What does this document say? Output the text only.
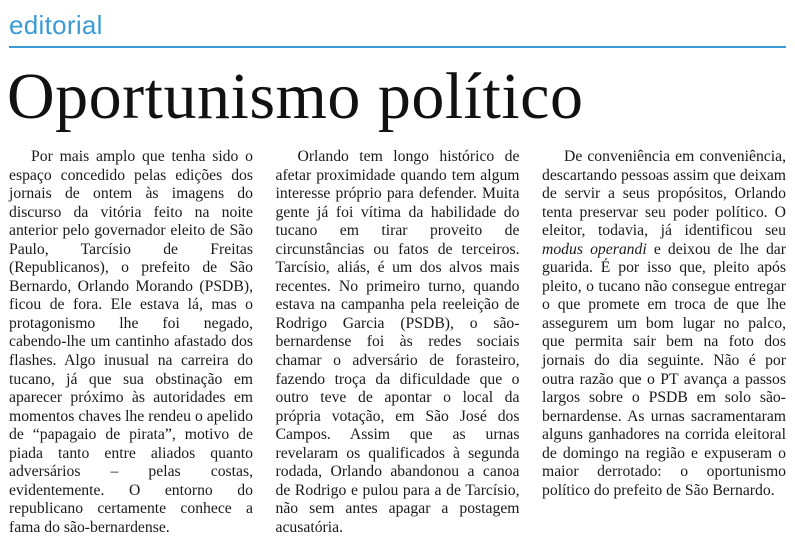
editorial
Oportunismo político

Por mais amplo que tenha sido o espaço concedido pelas edições dos jornais de ontem às imagens do discurso da vitória feito na noite anterior pelo governador eleito de São Paulo, Tarcísio de Freitas (Republicanos), o prefeito de São Bernardo, Orlando Morando (PSDB), ficou de fora. Ele estava lá, mas o protagonismo lhe foi negado, cabendo-lhe um cantinho afastado dos flashes. Algo inusual na carreira do tucano, já que sua obstinação em aparecer próximo às autoridades em momentos chaves lhe rendeu o apelido de “papagaio de pirata”, motivo de piada tanto entre aliados quanto adversários – pelas costas, evidentemente. O entorno do republicano certamente conhece a fama do são-bernardense.

Orlando tem longo histórico de afetar proximidade quando tem algum interesse próprio para defender. Muita gente já foi vítima da habilidade do tucano em tirar proveito de circunstâncias ou fatos de terceiros. Tarcísio, aliás, é um dos alvos mais recentes. No primeiro turno, quando estava na campanha pela reeleição de Rodrigo Garcia (PSDB), o são-bernardense foi às redes sociais chamar o adversário de forasteiro, fazendo troça da dificuldade que o outro teve de apontar o local da própria votação, em São José dos Campos. Assim que as urnas revelaram os qualificados à segunda rodada, Orlando abandonou a canoa de Rodrigo e pulou para a de Tarcísio, não sem antes apagar a postagem acusatória.

De conveniência em conveniência, descartando pessoas assim que deixam de servir a seus propósitos, Orlando tenta preservar seu poder político. O eleitor, todavia, já identificou seu modus operandi e deixou de lhe dar guarida. É por isso que, pleito após pleito, o tucano não consegue entregar o que promete em troca de que lhe assegurem um bom lugar no palco, que permita sair bem na foto dos jornais do dia seguinte. Não é por outra razão que o PT avança a passos largos sobre o PSDB em solo são-bernardense. As urnas sacramentaram alguns ganhadores na corrida eleitoral de domingo na região e expuseram o maior derrotado: o oportunismo político do prefeito de São Bernardo.
